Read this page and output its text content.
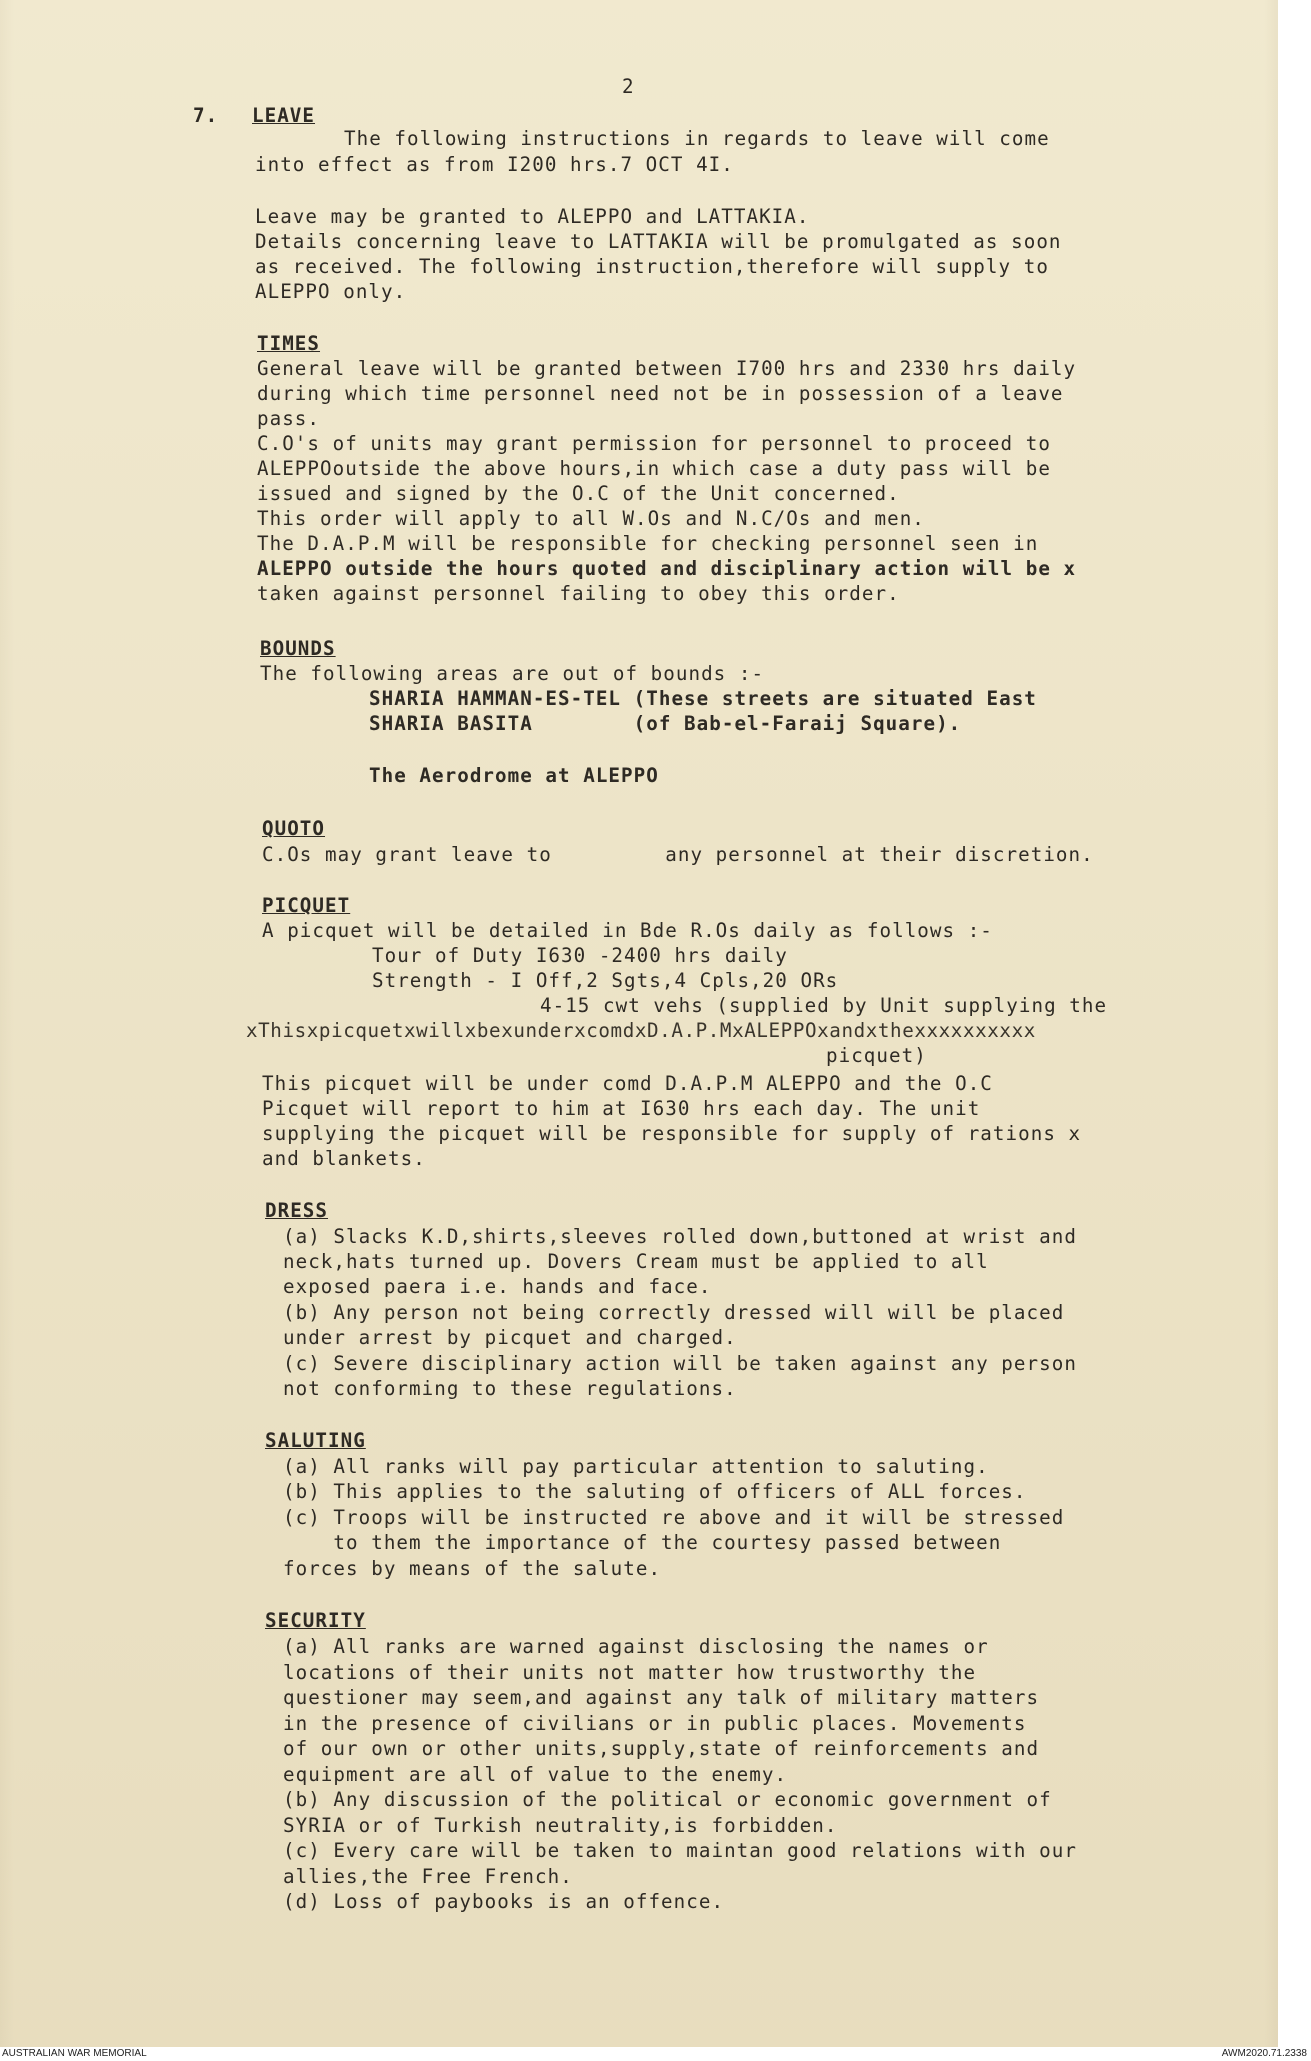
2

7. LEAVE

The following instructions in regards to leave will come

into effect as from I200 hrs.7 OCT 4I.

Leave may be granted to ALEPPO and LATTAKIA.

Details concerning leave to LATTAKIA will be promulgated as soon

as received. The following instruction,therefore will supply to

ALEPPO only.

TIMES

General leave will be granted between I700 hrs and 2330 hrs daily

during which time personnel need not be in possession of a leave

pass.

C.O's of units may grant permission for personnel to proceed to

ALEPPOoutside the above hours,in which case a duty pass will be

issued and signed by the O.C of the Unit concerned.

This order will apply to all W.Os and N.C/Os and men.

The D.A.P.M will be responsible for checking personnel seen in

ALEPPO outside the hours quoted and disciplinary action will be x

taken against personnel failing to obey this order.

BOUNDS

The following areas are out of bounds :-

SHARIA HAMMAN-ES-TEL (These streets are situated East

SHARIA BASITA        (of Bab-el-Faraij Square).

The Aerodrome at ALEPPO

QUOTO

C.Os may grant leave to         any personnel at their discretion.

PICQUET

A picquet will be detailed in Bde R.Os daily as follows :-

Tour of Duty I630 -2400 hrs daily

Strength - I Off,2 Sgts,4 Cpls,20 ORs

4-15 cwt vehs (supplied by Unit supplying the

xThisxpicquetxwillxbexunderxcomdxD.A.P.MxALEPPOxandxthexxxxxxxxxx

picquet)

This picquet will be under comd D.A.P.M ALEPPO and the O.C

Picquet will report to him at I630 hrs each day. The unit

supplying the picquet will be responsible for supply of rations x

and blankets.

DRESS

(a) Slacks K.D,shirts,sleeves rolled down,buttoned at wrist and

neck,hats turned up. Dovers Cream must be applied to all

exposed paera i.e. hands and face.

(b) Any person not being correctly dressed will will be placed

under arrest by picquet and charged.

(c) Severe disciplinary action will be taken against any person

not conforming to these regulations.

SALUTING

(a) All ranks will pay particular attention to saluting.

(b) This applies to the saluting of officers of ALL forces.

(c) Troops will be instructed re above and it will be stressed

to them the importance of the courtesy passed between

forces by means of the salute.

SECURITY

(a) All ranks are warned against disclosing the names or

locations of their units not matter how trustworthy the

questioner may seem,and against any talk of military matters

in the presence of civilians or in public places. Movements

of our own or other units,supply,state of reinforcements and

equipment are all of value to the enemy.

(b) Any discussion of the political or economic government of

SYRIA or of Turkish neutrality,is forbidden.

(c) Every care will be taken to maintan good relations with our

allies,the Free French.

(d) Loss of paybooks is an offence.

AUSTRALIAN WAR MEMORIAL	AWM2020.71.2338
